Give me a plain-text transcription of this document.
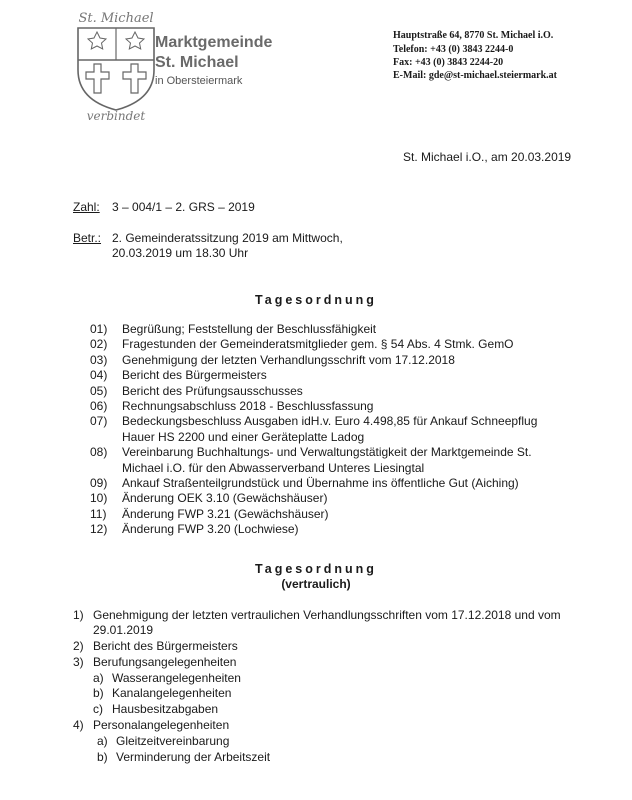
St. Michael
verbindet
Marktgemeinde
St. Michael
in Obersteiermark
Hauptstraße 64, 8770 St. Michael i.O.
Telefon: +43 (0) 3843 2244-0
Fax: +43 (0) 3843 2244-20
E-Mail: gde@st-michael.steiermark.at
St. Michael i.O., am 20.03.2019
Zahl: 3 – 004/1 – 2. GRS – 2019
Betr.: 2. Gemeinderatssitzung 2019 am Mittwoch,
20.03.2019 um 18.30 Uhr
Tagesordnung
01) Begrüßung; Feststellung der Beschlussfähigkeit
02) Fragestunden der Gemeinderatsmitglieder gem. § 54 Abs. 4 Stmk. GemO
03) Genehmigung der letzten Verhandlungsschrift vom 17.12.2018
04) Bericht des Bürgermeisters
05) Bericht des Prüfungsausschusses
06) Rechnungsabschluss 2018 - Beschlussfassung
07) Bedeckungsbeschluss Ausgaben idH.v. Euro 4.498,85 für Ankauf Schneepflug Hauer HS 2200 und einer Geräteplatte Ladog
08) Vereinbarung Buchhaltungs- und Verwaltungstätigkeit der Marktgemeinde St. Michael i.O. für den Abwasserverband Unteres Liesingtal
09) Ankauf Straßenteilgrundstück und Übernahme ins öffentliche Gut (Aiching)
10) Änderung OEK 3.10 (Gewächshäuser)
11) Änderung FWP 3.21 (Gewächshäuser)
12) Änderung FWP 3.20 (Lochwiese)
Tagesordnung
(vertraulich)
1) Genehmigung der letzten vertraulichen Verhandlungsschriften vom 17.12.2018 und vom
29.01.2019
2) Bericht des Bürgermeisters
3) Berufungsangelegenheiten
a) Wasserangelegenheiten
b) Kanalangelegenheiten
c) Hausbesitzabgaben
4) Personalangelegenheiten
a) Gleitzeitvereinbarung
b) Verminderung der Arbeitszeit
